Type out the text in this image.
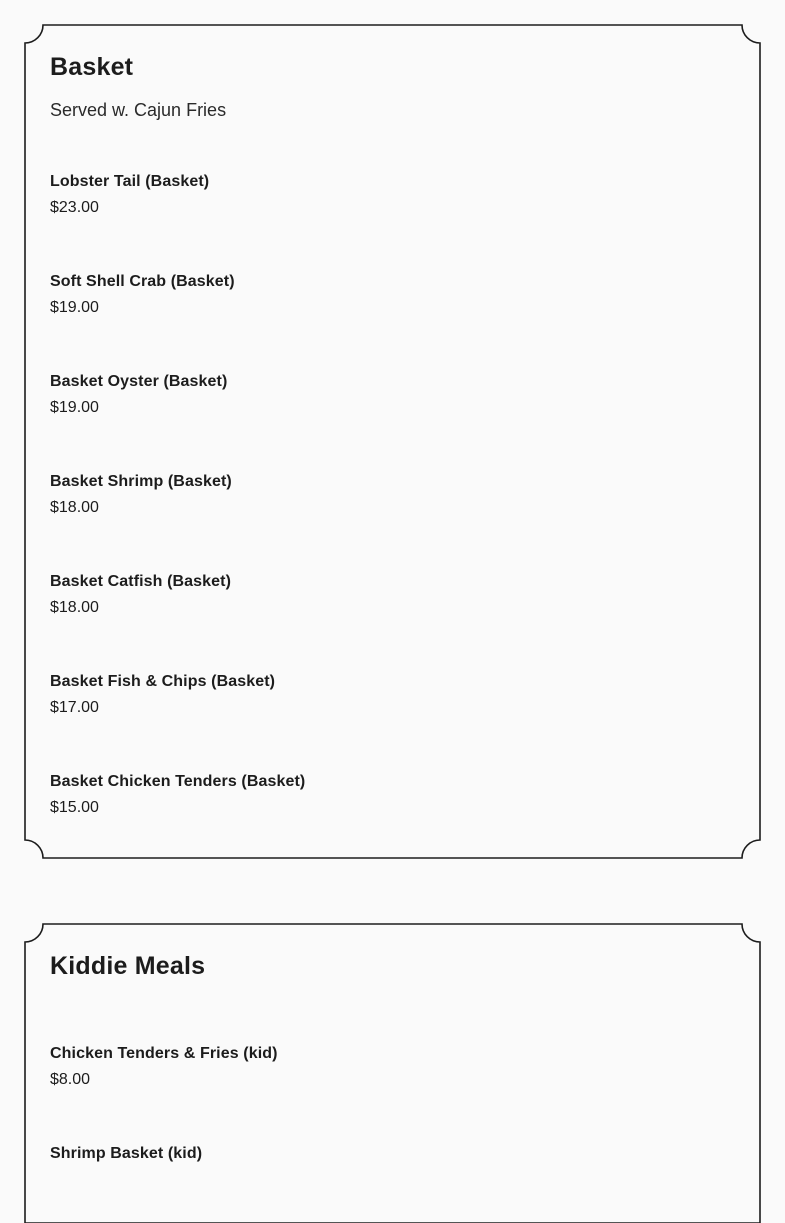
Basket

Served w. Cajun Fries

Lobster Tail (Basket)
$23.00
Soft Shell Crab (Basket)
$19.00
Basket Oyster (Basket)
$19.00
Basket Shrimp (Basket)
$18.00
Basket Catfish (Basket)
$18.00
Basket Fish & Chips (Basket)
$17.00
Basket Chicken Tenders (Basket)
$15.00
Kiddie Meals
Chicken Tenders & Fries (kid)
$8.00
Shrimp Basket (kid)
